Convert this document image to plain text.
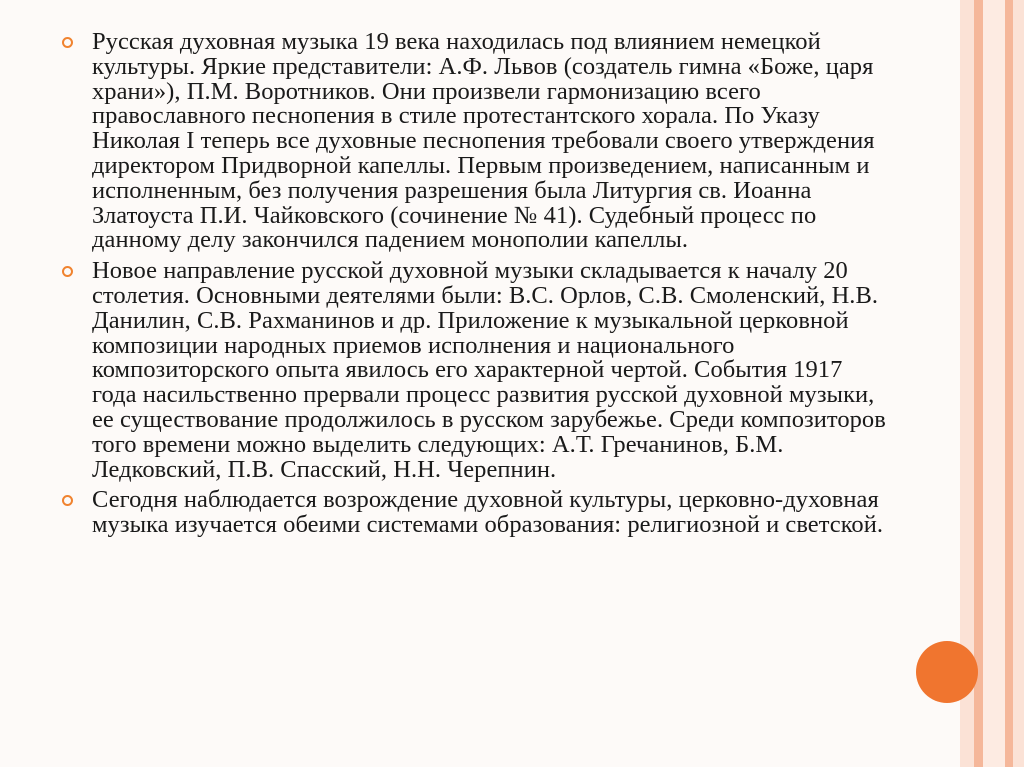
Русская духовная музыка 19 века находилась под влиянием немецкой культуры. Яркие представители: А.Ф. Львов (создатель гимна «Боже, царя храни»), П.М. Воротников. Они произвели гармонизацию всего православного песнопения в стиле протестантского хорала. По Указу Николая I теперь все духовные песнопения требовали своего утверждения директором Придворной капеллы. Первым произведением, написанным и исполненным, без получения разрешения была Литургия св. Иоанна Златоуста П.И. Чайковского (сочинение № 41). Судебный процесс по данному делу закончился падением монополии капеллы.
Новое направление русской духовной музыки складывается к началу 20 столетия. Основными деятелями были: В.С. Орлов, С.В. Смоленский, Н.В. Данилин, С.В. Рахманинов и др. Приложение к музыкальной церковной композиции народных приемов исполнения и национального композиторского опыта явилось его характерной чертой. События 1917 года насильственно прервали процесс развития русской духовной музыки, ее существование продолжилось в русском зарубежье. Среди композиторов того времени можно выделить следующих: А.Т. Гречанинов, Б.М. Ледковский, П.В. Спасский, Н.Н. Черепнин.
Сегодня наблюдается возрождение духовной культуры, церковно-духовная музыка изучается обеими системами образования: религиозной и светской.
